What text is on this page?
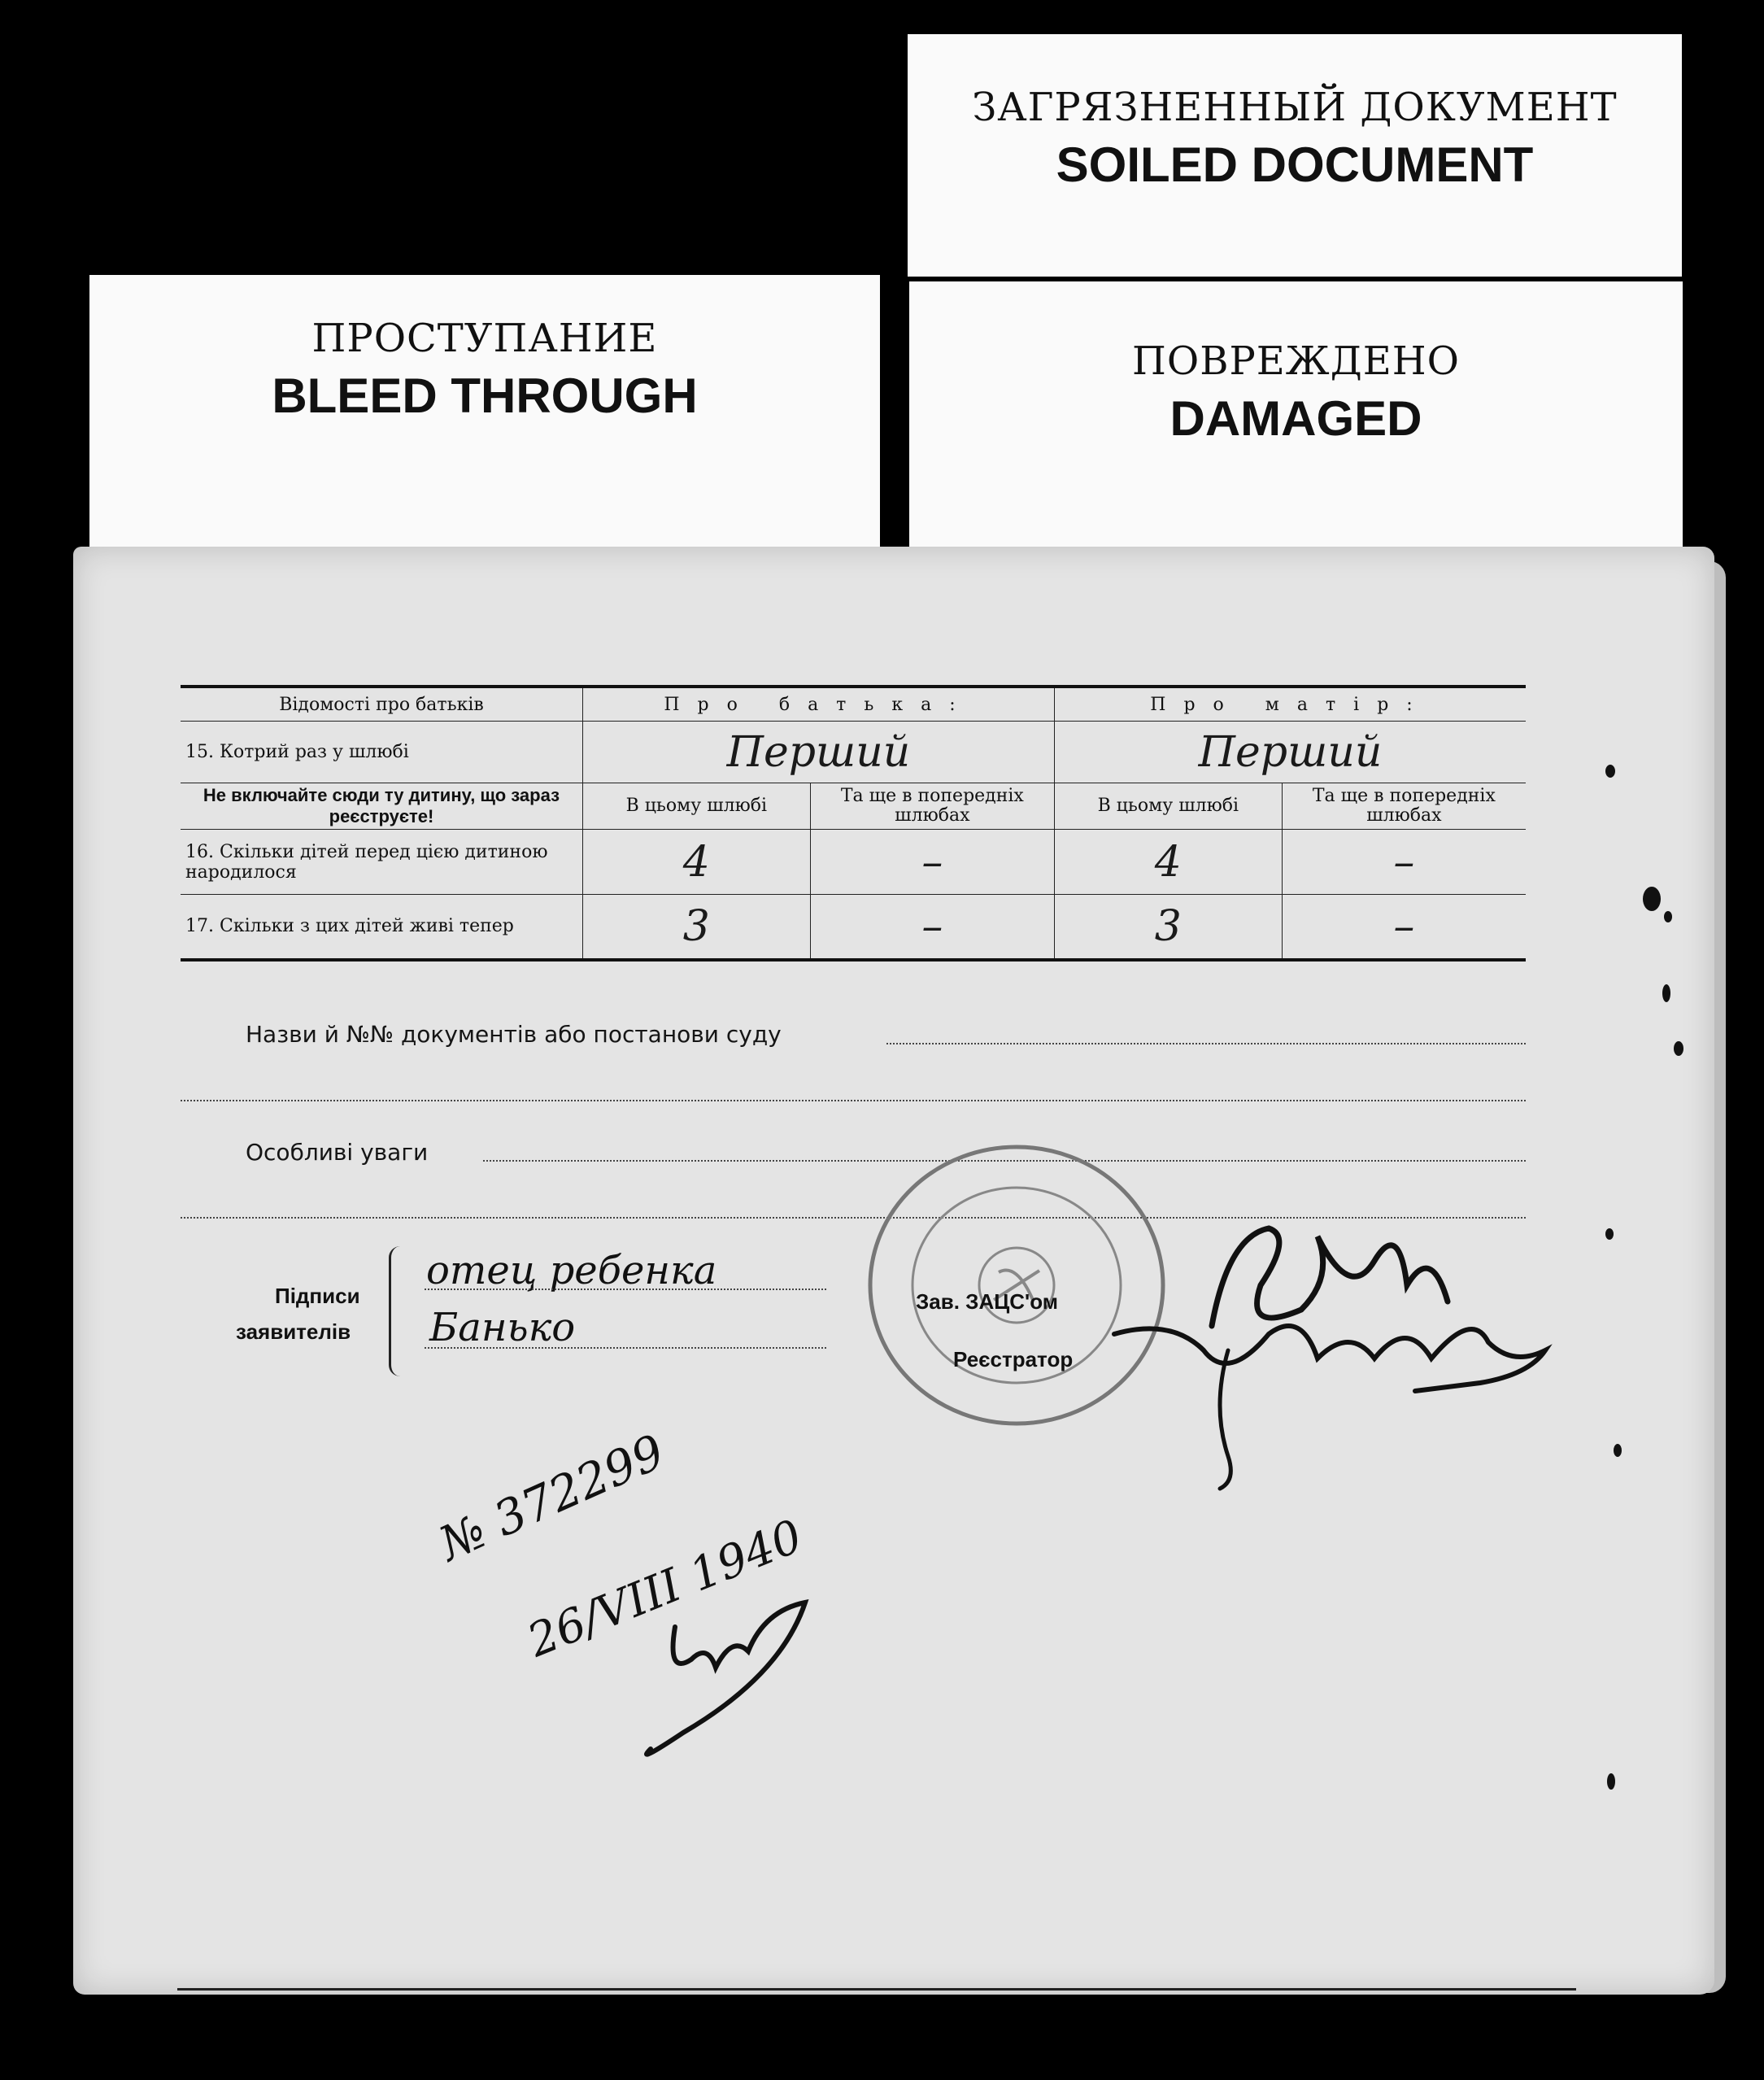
ПРОСТУПАНИЕ
BLEED THROUGH
ЗАГРЯЗНЕННЫЙ ДОКУМЕНТ
SOILED DOCUMENT
ПОВРЕЖДЕНО
DAMAGED
Відомості про батьків	Про батька:		Про матір:	
15. Котрий раз у шлюбі	Перший		Перший	
Не включайте сюди ту дитину, що зараз реєструєте!	В цьому шлюбі	Та ще в попередніх шлюбах	В цьому шлюбі	Та ще в попередніх шлюбах
16. Скільки дітей перед цією дитиною народилося	4	–	4	–
17. Скільки з цих дітей живі тепер	3	–	3	–
Назви й №№ документів або постанови суду
Особливі уваги
Підписи
заявителів
отец ребенка
Банько
Зав. ЗАЦС'ом
Реєстратор
№ 372299
26/VIII 1940
